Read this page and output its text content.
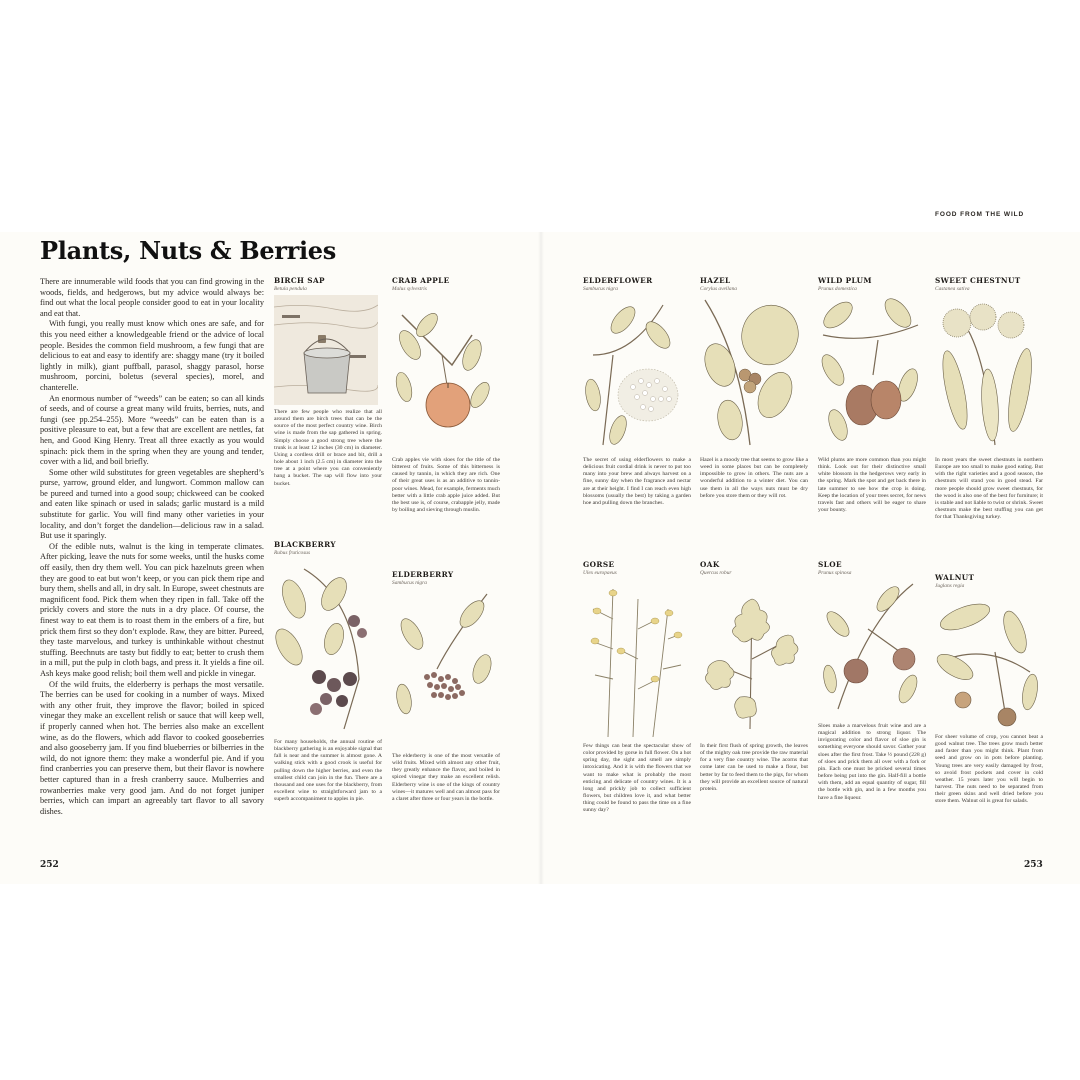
FOOD FROM THE WILD
Plants, Nuts & Berries

There are innumerable wild foods that you can find growing in the woods, fields, and hedgerows, but my advice would always be: find out what the local people consider good to eat in your locality and eat that.

With fungi, you really must know which ones are safe, and for this you need either a knowledgeable friend or the advice of local people. Besides the common field mushroom, a few fungi that are delicious to eat and easy to identify are: shaggy mane (try it boiled lightly in milk), giant puffball, parasol, shaggy parasol, horse mushroom, porcini, boletus (several species), morel, and chanterelle.

An enormous number of “weeds” can be eaten; so can all kinds of seeds, and of course a great many wild fruits, berries, nuts, and fungi (see pp.254–255). More “weeds” can be eaten than is a positive pleasure to eat, but a few that are excellent are nettles, fat hen, and Good King Henry. Treat all three exactly as you would spinach: pick them in the spring when they are young and tender, cover with a lid, and boil briefly.

Some other wild substitutes for green vegetables are shepherd’s purse, yarrow, ground elder, and lungwort. Common mallow can be pureed and turned into a good soup; chickweed can be cooked and eaten like spinach or used in salads; garlic mustard is a mild substitute for garlic. You will find many other varieties in your locality, and don’t forget the dandelion—delicious raw in a salad. But use it sparingly.

Of the edible nuts, walnut is the king in temperate climates. After picking, leave the nuts for some weeks, until the husks come off easily, then dry them well. You can pick hazelnuts green when they are good to eat but won’t keep, or you can pick them ripe and bury them, shells and all, in dry salt. In Europe, sweet chestnuts are magnificent food. Pick them when they ripen in fall. Take off the prickly covers and store the nuts in a dry place. Of course, the finest way to eat them is to roast them in the embers of a fire, but prick them first so they don’t explode. Raw, they are bitter. Pureed, they taste marvelous, and turkey is unthinkable without chestnut stuffing. Beechnuts are tasty but fiddly to eat; better to crush them in a mill, put the pulp in cloth bags, and press it. It yields a fine oil. Ash keys make good relish; boil them well and pickle in vinegar.

Of the wild fruits, the elderberry is perhaps the most versatile. The berries can be used for cooking in a number of ways. Mixed with any other fruit, they improve the flavor; boiled in spiced vinegar they make an excellent relish or sauce that will keep well, if properly canned when hot. The berries also make an excellent wine, as do the flowers, which add flavor to cooked gooseberries and also gooseberry jam. If you find blueberries or bilberries in the wild, do not ignore them: they make a wonderful pie. And if you find cranberries you can preserve them, but their flavor is nowhere better captured than in a fresh cranberry sauce. Mulberries and rowanberries make very good jam. And do not forget juniper berries, which can impart an agreeably tart flavor to all savory dishes.

BIRCH SAP
Betula pendula
There are few people who realize that all around them are birch trees that can be the source of the most perfect country wine. Birch wine is made from the sap gathered in spring. Simply choose a good strong tree where the trunk is at least 12 inches (30 cm) in diameter. Using a cordless drill or brace and bit, drill a hole about 1 inch (2.5 cm) in diameter into the tree at a point where you can conveniently hang a bucket. The sap will flow into your bucket.
CRAB APPLE
Malus sylvestris
Crab apples vie with sloes for the title of the bitterest of fruits. Some of this bitterness is caused by tannin, in which they are rich. One of their great uses is as an additive to tannin-poor wines. Mead, for example, ferments much better with a little crab apple juice added. But the best use is, of course, crabapple jelly, made by boiling and sieving through muslin.
BLACKBERRY
Rubus fruticosus
For many households, the annual routine of blackberry gathering is an enjoyable signal that fall is near and the summer is almost gone. A walking stick with a good crook is useful for pulling down the higher berries, and even the smallest child can join in the fun. There are a thousand and one uses for the blackberry, from excellent wine to straightforward jam to a superb accompaniment to apples in pie.
ELDERBERRY
Sambucus nigra
The elderberry is one of the most versatile of wild fruits. Mixed with almost any other fruit, they greatly enhance the flavor, and boiled in spiced vinegar they make an excellent relish. Elderberry wine is one of the kings of country wines—it matures well and can almost pass for a claret after three or four years in the bottle.
ELDERFLOWER
Sambucus nigra
The secret of using elderflowers to make a delicious fruit cordial drink is never to put too many into your brew and always harvest on a fine, sunny day when the fragrance and nectar are at their height. I find I can reach even high blossoms (usually the best) by taking a garden hoe and pulling down the branches.
HAZEL
Corylus avellana
Hazel is a moody tree that seems to grow like a weed in some places but can be completely impossible to grow in others. The nuts are a wonderful addition to a winter diet. You can use them in all the ways nuts must be dry before you store them or they will rot.
WILD PLUM
Prunus domestica
Wild plums are more common than you might think. Look out for their distinctive small white blossom in the hedgerows very early in the spring. Mark the spot and get back there in late summer to see how the crop is doing. Keep the location of your trees secret, for news travels fast and others will be eager to share your bounty.
SWEET CHESTNUT
Castanea sativa
In most years the sweet chestnuts in northern Europe are too small to make good eating. But with the right varieties and a good season, the chestnuts will stand you in good stead. Far more people should grow sweet chestnuts, for the wood is also one of the best for furniture; it is stable and not liable to twist or shrink. Sweet chestnuts make the best stuffing you can get for that Thanksgiving turkey.
GORSE
Ulex europaeus
Few things can beat the spectacular show of color provided by gorse in full flower. On a hot spring day, the sight and smell are simply intoxicating. And it is with the flowers that we want to make what is probably the most enticing and delicate of country wines. It is a long and prickly job to collect sufficient flowers, but children love it, and what better thing could be found to pass the time on a fine sunny day?
OAK
Quercus robur
In their first flush of spring growth, the leaves of the mighty oak tree provide the raw material for a very fine country wine. The acorns that come later can be used to make a flour, but better by far to feed them to the pigs, for whom they will provide an excellent source of natural protein.
SLOE
Prunus spinosa
Sloes make a marvelous fruit wine and are a magical addition to strong liquor. The invigorating color and flavor of sloe gin is something everyone should savor. Gather your sloes after the first frost. Take ½ pound (228 g) of sloes and prick them all over with a fork or pin. Each one must be pricked several times before being put into the gin. Half-fill a bottle with them, add an equal quantity of sugar, fill the bottle with gin, and in a few months you have a fine liqueur.
WALNUT
Juglans regia
For sheer volume of crop, you cannot beat a good walnut tree. The trees grow much better and faster than you might think. Plant from seed and grow on in pots before planting. Young trees are very easily damaged by frost, so avoid frost pockets and cover in cold weather. 15 years later you will begin to harvest. The nuts need to be separated from their green skins and well dried before you store them. Walnut oil is great for salads.
252	253
